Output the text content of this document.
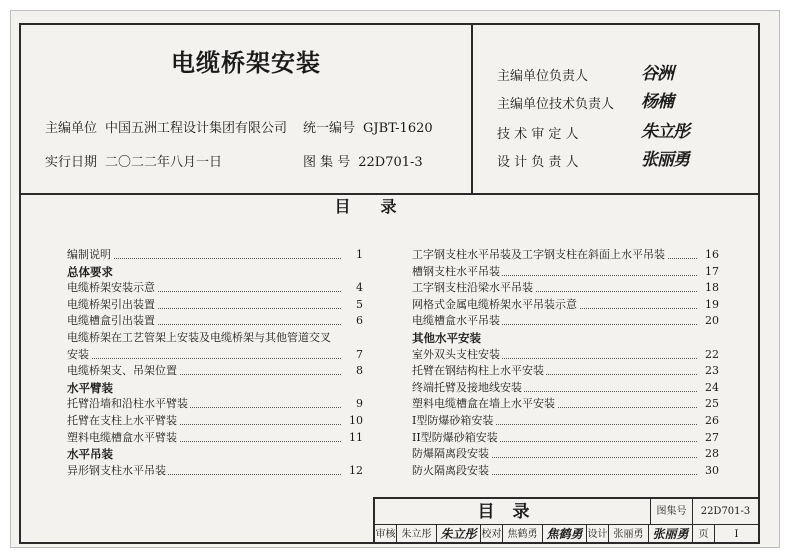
电缆桥架安装
主编单位 中国五洲工程设计集团有限公司 统一编号 GJBT-1620
实行日期 二〇二二年八月一日	图 集 号 22D701-3
主编单位负责人	谷洲
主编单位技术负责人 杨楠
技 术 审 定 人	朱立彤
设 计 负 责 人	张丽勇
目录
编制说明	1
总体要求
电缆桥架安装示意	4
电缆桥架引出装置	5
电缆槽盒引出装置	6
电缆桥架在工艺管架上安装及电缆桥架与其他管道交叉
安装	7
电缆桥架支、吊架位置	8
水平臂装
托臂沿墙和沿柱水平臂装	9
托臂在支柱上水平臂装	10
塑料电缆槽盒水平臂装	11
水平吊装
异形钢支柱水平吊装	12
工字钢支柱水平吊装及工字钢支柱在斜面上水平吊装	16
槽钢支柱水平吊装	17
工字钢支柱沿梁水平吊装	18
网格式金属电缆桥架水平吊装示意	19
电缆槽盒水平吊装	20
其他水平安装
室外双头支柱安装	22
托臂在钢结构柱上水平安装	23
终端托臂及接地线安装	24
塑料电缆槽盒在墙上水平安装	25
I型防爆砂箱安装	26
II型防爆砂箱安装	27
防爆隔离段安装	28
防火隔离段安装	30
目录	图集号	22D701-3
审核 朱立彤 朱立彤 校对 焦鹤勇 焦鹤勇 设计 张丽勇 张丽勇	页	I
